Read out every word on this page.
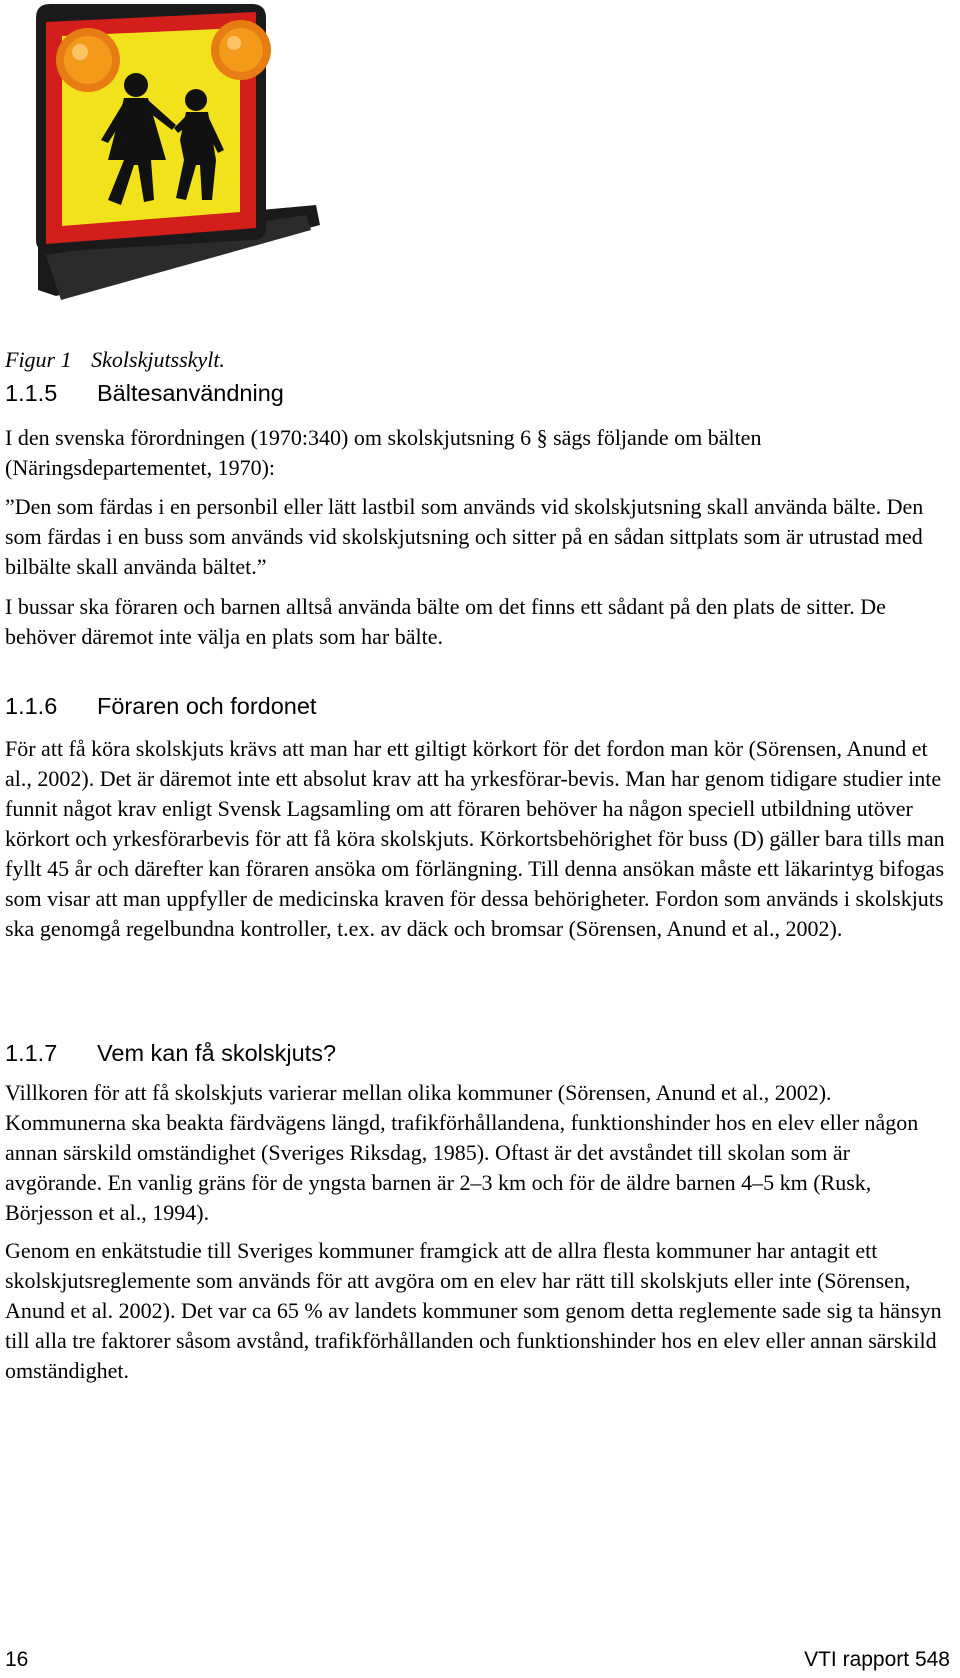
Figur 1 Skolskjutsskylt.
1.1.5 Bältesanvändning

I den svenska förordningen (1970:340) om skolskjutsning 6 § sägs följande om bälten (Näringsdepartementet, 1970):

”Den som färdas i en personbil eller lätt lastbil som används vid skolskjutsning skall använda bälte. Den som färdas i en buss som används vid skolskjutsning och sitter på en sådan sittplats som är utrustad med bilbälte skall använda bältet.”

I bussar ska föraren och barnen alltså använda bälte om det finns ett sådant på den plats de sitter. De behöver däremot inte välja en plats som har bälte.

1.1.6 Föraren och fordonet

För att få köra skolskjuts krävs att man har ett giltigt körkort för det fordon man kör (Sörensen, Anund et al., 2002). Det är däremot inte ett absolut krav att ha yrkesförar-bevis. Man har genom tidigare studier inte funnit något krav enligt Svensk Lagsamling om att föraren behöver ha någon speciell utbildning utöver körkort och yrkesförarbevis för att få köra skolskjuts. Körkortsbehörighet för buss (D) gäller bara tills man fyllt 45 år och därefter kan föraren ansöka om förlängning. Till denna ansökan måste ett läkarintyg bifogas som visar att man uppfyller de medicinska kraven för dessa behörigheter. Fordon som används i skolskjuts ska genomgå regelbundna kontroller, t.ex. av däck och bromsar (Sörensen, Anund et al., 2002).

1.1.7 Vem kan få skolskjuts?

Villkoren för att få skolskjuts varierar mellan olika kommuner (Sörensen, Anund et al., 2002). Kommunerna ska beakta färdvägens längd, trafikförhållandena, funktionshinder hos en elev eller någon annan särskild omständighet (Sveriges Riksdag, 1985). Oftast är det avståndet till skolan som är avgörande. En vanlig gräns för de yngsta barnen är 2–3 km och för de äldre barnen 4–5 km (Rusk, Börjesson et al., 1994).

Genom en enkätstudie till Sveriges kommuner framgick att de allra flesta kommuner har antagit ett skolskjutsreglemente som används för att avgöra om en elev har rätt till skolskjuts eller inte (Sörensen, Anund et al. 2002). Det var ca 65 % av landets kommuner som genom detta reglemente sade sig ta hänsyn till alla tre faktorer såsom avstånd, trafikförhållanden och funktionshinder hos en elev eller annan särskild omständighet.

16	VTI rapport 548
